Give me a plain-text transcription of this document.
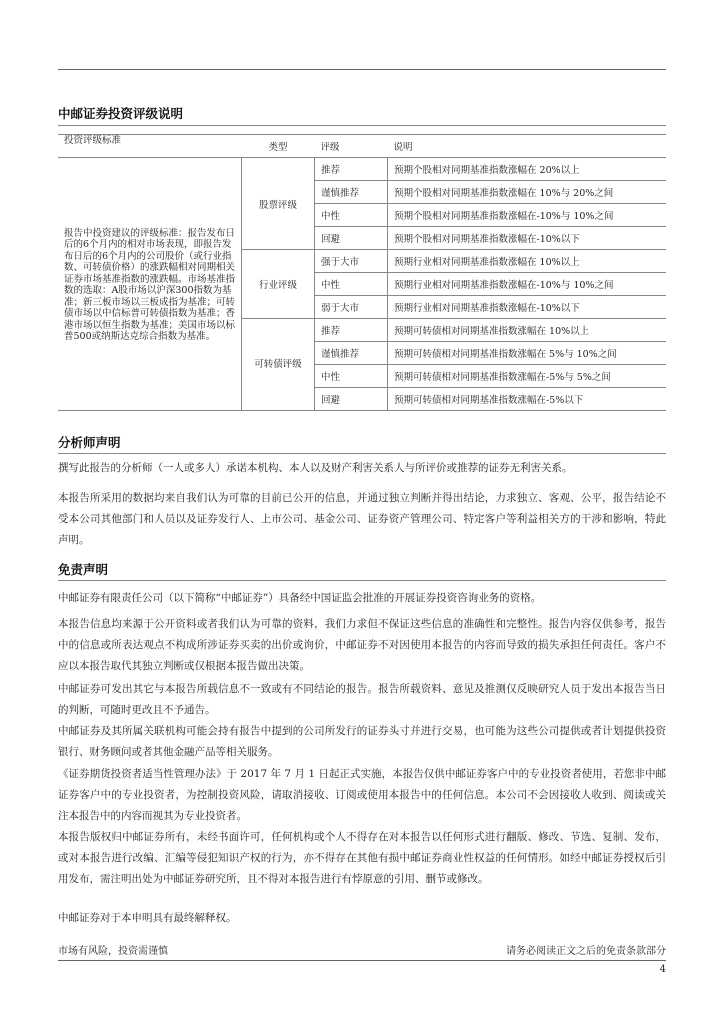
中邮证券投资评级说明
投资评级标准	类型	评级	说明
报告中投资建议的评级标准：报告发布日后的6个月内的相对市场表现，即报告发布日后的6个月内的公司股价（或行业指数、可转债价格）的涨跌幅相对同期相关证券市场基准指数的涨跌幅。市场基准指数的选取：A股市场以沪深300指数为基准；新三板市场以三板成指为基准；可转债市场以中信标普可转债指数为基准；香港市场以恒生指数为基准；美国市场以标普500或纳斯达克综合指数为基准。	股票评级	推荐	预期个股相对同期基准指数涨幅在 20%以上
		谨慎推荐	预期个股相对同期基准指数涨幅在 10%与 20%之间
		中性	预期个股相对同期基准指数涨幅在-10%与 10%之间
		回避	预期个股相对同期基准指数涨幅在-10%以下
	行业评级	强于大市	预期行业相对同期基准指数涨幅在 10%以上
		中性	预期行业相对同期基准指数涨幅在-10%与 10%之间
		弱于大市	预期行业相对同期基准指数涨幅在-10%以下
	可转债评级	推荐	预期可转债相对同期基准指数涨幅在 10%以上
		谨慎推荐	预期可转债相对同期基准指数涨幅在 5%与 10%之间
		中性	预期可转债相对同期基准指数涨幅在-5%与 5%之间
		回避	预期可转债相对同期基准指数涨幅在-5%以下
分析师声明
撰写此报告的分析师（一人或多人）承诺本机构、本人以及财产利害关系人与所评价或推荐的证券无利害关系。
本报告所采用的数据均来自我们认为可靠的目前已公开的信息，并通过独立判断并得出结论，力求独立、客观、公平，报告结论不受本公司其他部门和人员以及证券发行人、上市公司、基金公司、证券资产管理公司、特定客户等利益相关方的干涉和影响，特此声明。
免责声明
中邮证券有限责任公司（以下简称“中邮证券”）具备经中国证监会批准的开展证券投资咨询业务的资格。
本报告信息均来源于公开资料或者我们认为可靠的资料，我们力求但不保证这些信息的准确性和完整性。报告内容仅供参考，报告中的信息或所表达观点不构成所涉证券买卖的出价或询价，中邮证券不对因使用本报告的内容而导致的损失承担任何责任。客户不应以本报告取代其独立判断或仅根据本报告做出决策。
中邮证券可发出其它与本报告所载信息不一致或有不同结论的报告。报告所载资料、意见及推测仅反映研究人员于发出本报告当日的判断，可随时更改且不予通告。
中邮证券及其所属关联机构可能会持有报告中提到的公司所发行的证券头寸并进行交易，也可能为这些公司提供或者计划提供投资银行、财务顾问或者其他金融产品等相关服务。
《证券期货投资者适当性管理办法》于 2017 年 7 月 1 日起正式实施，本报告仅供中邮证券客户中的专业投资者使用，若您非中邮证券客户中的专业投资者，为控制投资风险，请取消接收、订阅或使用本报告中的任何信息。本公司不会因接收人收到、阅读或关注本报告中的内容而视其为专业投资者。
本报告版权归中邮证券所有，未经书面许可，任何机构或个人不得存在对本报告以任何形式进行翻版、修改、节选、复制、发布，或对本报告进行改编、汇编等侵犯知识产权的行为，亦不得存在其他有损中邮证券商业性权益的任何情形。如经中邮证券授权后引用发布，需注明出处为中邮证券研究所，且不得对本报告进行有悖原意的引用、删节或修改。
中邮证券对于本申明具有最终解释权。
市场有风险，投资需谨慎	请务必阅读正文之后的免责条款部分
4
